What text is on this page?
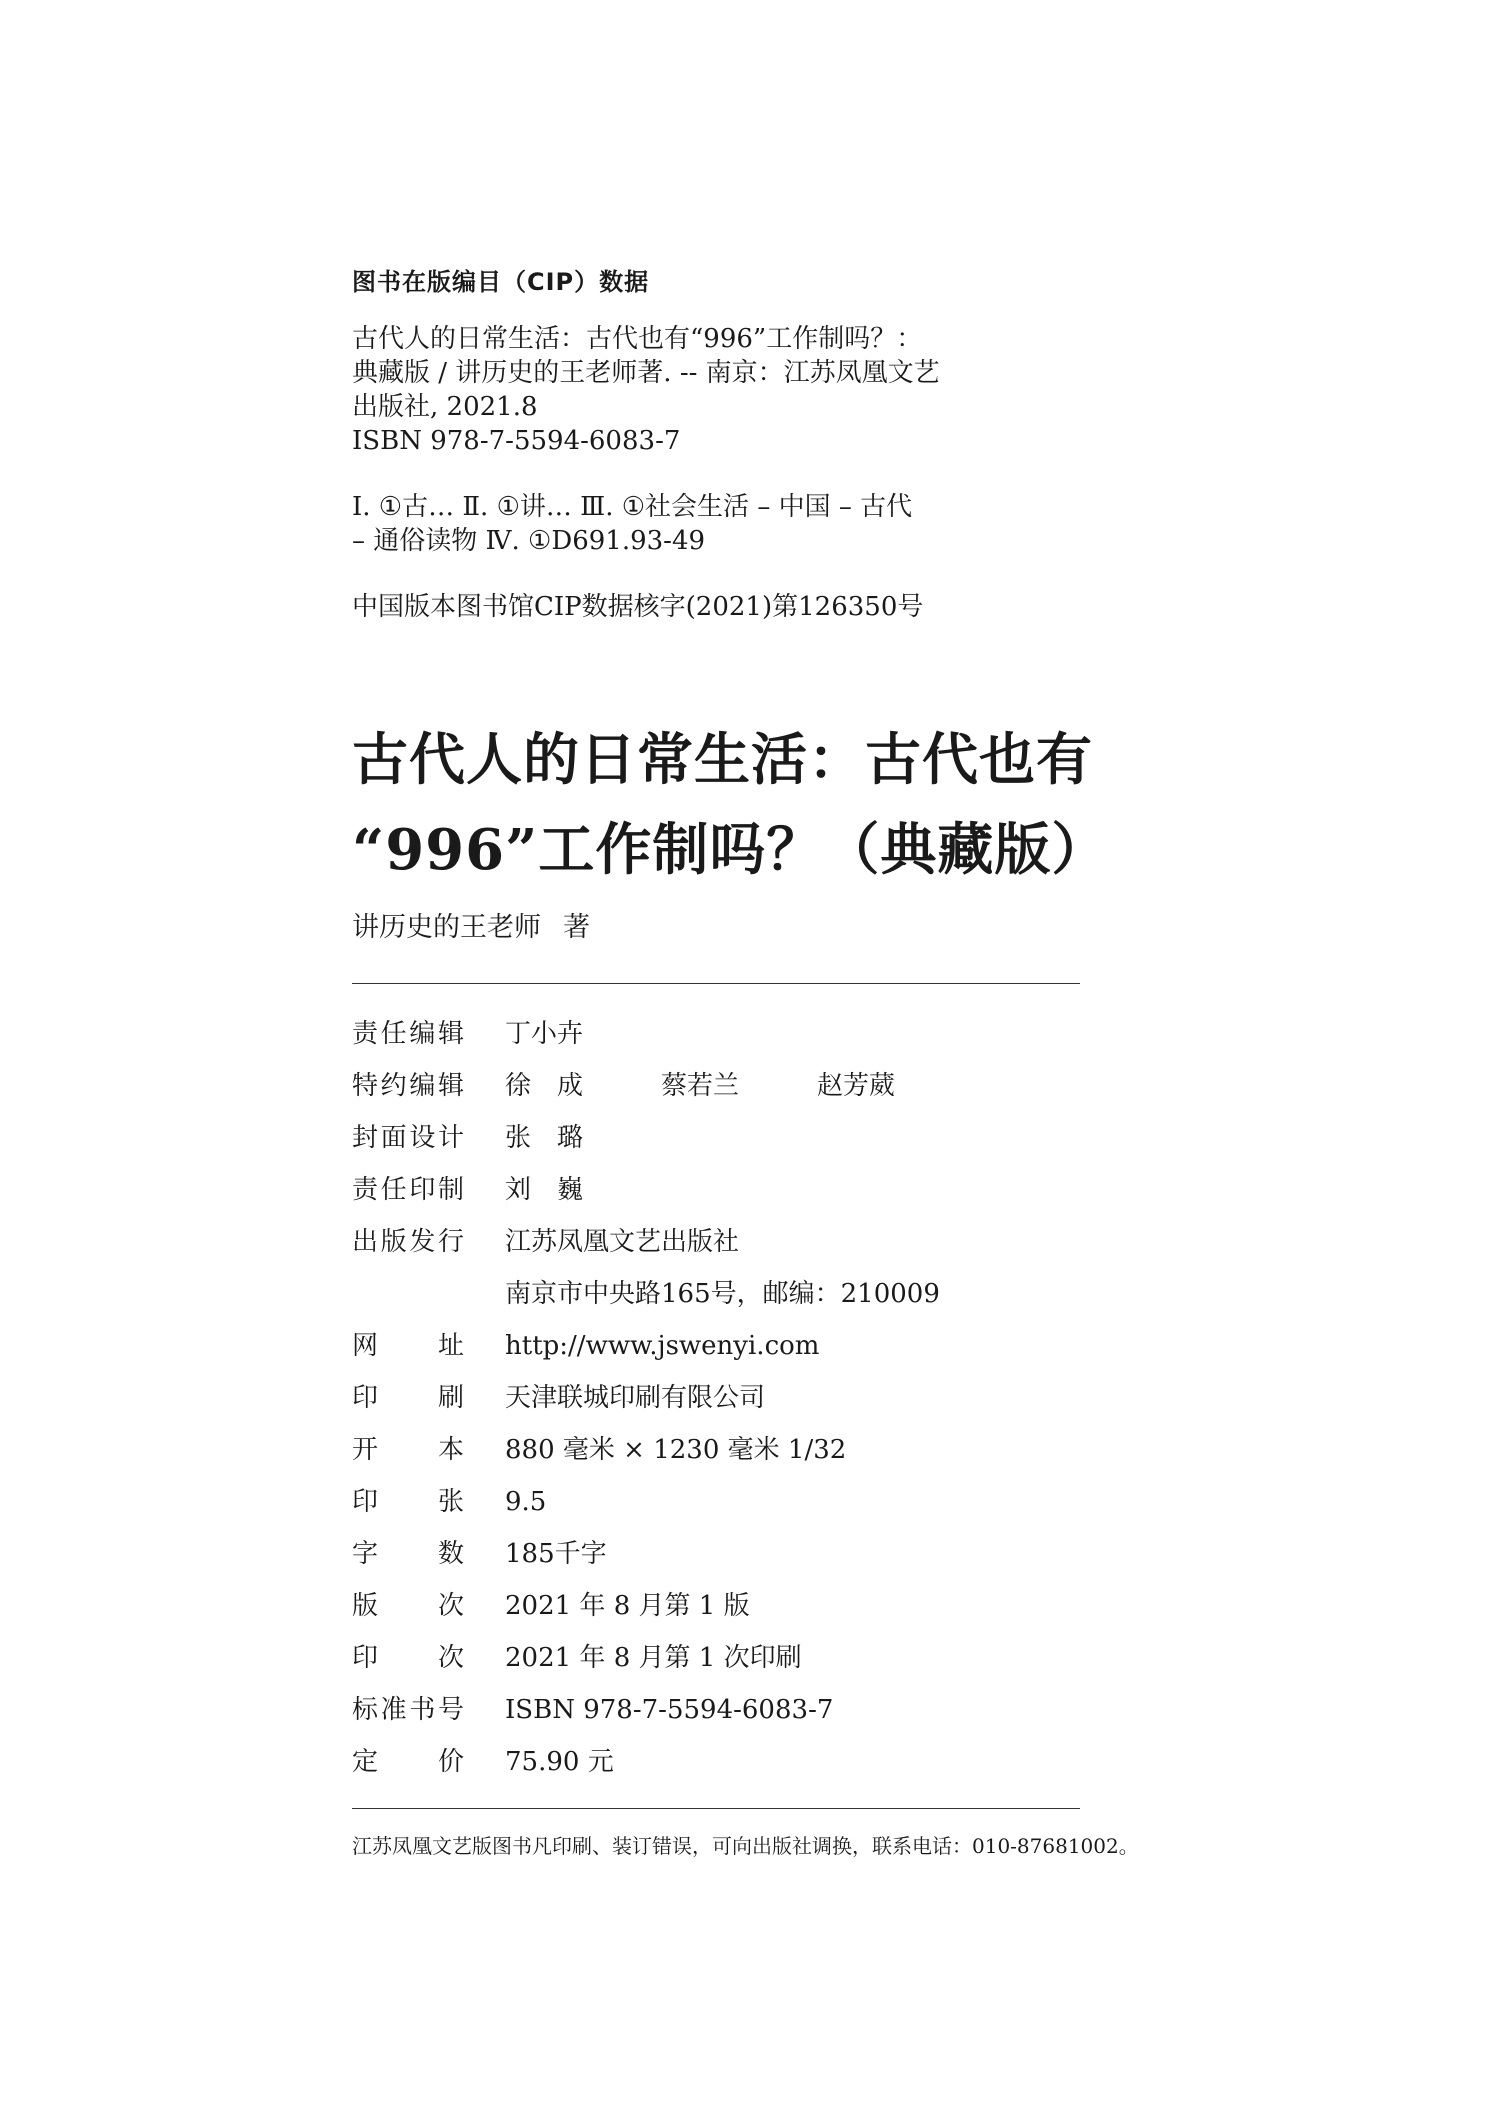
图书在版编目（CIP）数据
古代人的日常生活：古代也有“996”工作制吗？：
典藏版 / 讲历史的王老师著. -- 南京：江苏凤凰文艺
出版社, 2021.8
ISBN 978-7-5594-6083-7
Ⅰ. ①古… Ⅱ. ①讲… Ⅲ. ①社会生活 – 中国 – 古代
– 通俗读物 Ⅳ. ①D691.93-49
中国版本图书馆CIP数据核字(2021)第126350号
古代人的日常生活：古代也有
“996”工作制吗？（典藏版）
讲历史的王老师 著
责任编辑 丁小卉
特约编辑 徐　成　　　蔡若兰　　　赵芳葳
封面设计 张　璐
责任印制 刘　巍
出版发行 江苏凤凰文艺出版社
南京市中央路165号，邮编：210009
网址 http://www.jswenyi.com
印刷 天津联城印刷有限公司
开本 880 毫米 × 1230 毫米 1/32
印张 9.5
字数 185千字
版次 2021 年 8 月第 1 版
印次 2021 年 8 月第 1 次印刷
标准书号 ISBN 978-7-5594-6083-7
定价 75.90 元
江苏凤凰文艺版图书凡印刷、装订错误，可向出版社调换，联系电话：010-87681002。
